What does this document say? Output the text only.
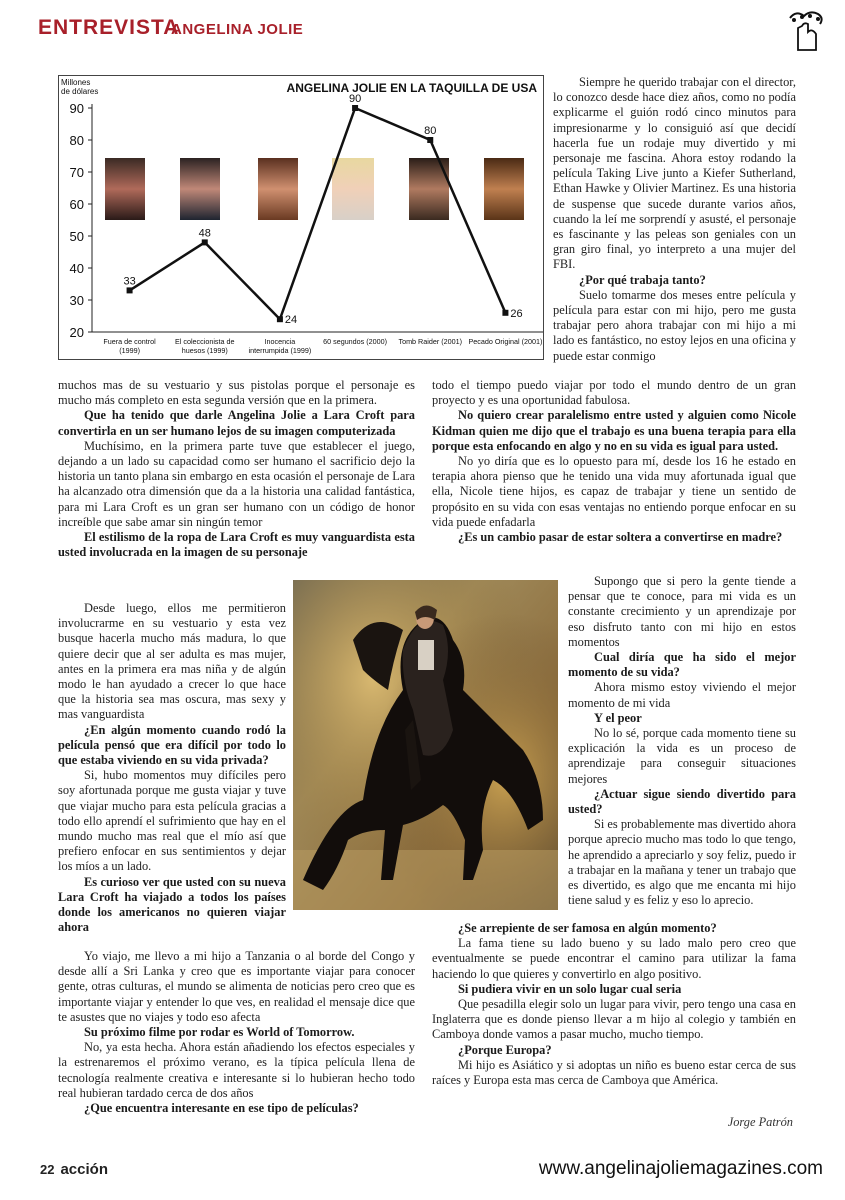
ENTREVISTA
ANGELINA JOLIE
Millones de dólares	ANGELINA JOLIE EN LA TAQUILLA DE USA
20
30
40
50
60
70
80
90
33
48
24
90
80
26
Fuera de control (1999)
El coleccionista de huesos (1999)
Inocencia interrumpida (1999)
60 segundos (2000) Tomb Raider (2001) Pecado Original (2001)

Siempre he querido trabajar con el director, lo conozco desde hace diez años, como no podía explicarme el guión rodó cinco minutos para impresionarme y lo consiguió así que decidí hacerla fue un rodaje muy divertido y mi personaje me fascina. Ahora estoy rodando la película Taking Live junto a Kiefer Sutherland, Ethan Hawke y Olivier Martinez. Es una historia de suspense que sucede durante varios años, cuando la leí me sorprendí y asusté, el personaje es fascinante y las peleas son geniales con un gran giro final, yo interpreto a una mujer del FBI.

¿Por qué trabaja tanto?

Suelo tomarme dos meses entre película y película para estar con mi hijo, pero me gusta trabajar pero ahora trabajar con mi hijo a mi lado es fantástico, no estoy lejos en una oficina y puede estar conmigo

muchos mas de su vestuario y sus pistolas porque el personaje es mucho más completo en esta segunda versión que en la primera.

Que ha tenido que darle Angelina Jolie a Lara Croft para convertirla en un ser humano lejos de su imagen computerizada

Muchísimo, en la primera parte tuve que establecer el juego, dejando a un lado su capacidad como ser humano el sacrificio dejo la historia un tanto plana sin embargo en esta ocasión el personaje de Lara ha alcanzado otra dimensión que da a la historia una calidad fantástica, para mi Lara Croft es un gran ser humano con un código de honor increíble que sabe amar sin ningún temor

El estilismo de la ropa de Lara Croft es muy vanguardista esta usted involucrada en la imagen de su personaje

Desde luego, ellos me permitieron involucrarme en su vestuario y esta vez busque hacerla mucho más madura, lo que quiere decir que al ser adulta es mas mujer, antes en la primera era mas niña y de algún modo le han ayudado a crecer lo que hace que la historia sea mas oscura, mas sexy y mas vanguardista

¿En algún momento cuando rodó la película pensó que era difícil por todo lo que estaba viviendo en su vida privada?

Si, hubo momentos muy difíciles pero soy afortunada porque me gusta viajar y tuve que viajar mucho para esta película gracias a todo ello aprendí el sufrimiento que hay en el mundo mucho mas real que el mío así que prefiero enfocar en sus sentimientos y dejar los míos a un lado.

Es curioso ver que usted con su nueva Lara Croft ha viajado a todos los países donde los americanos no quieren viajar ahora

Yo viajo, me llevo a mi hijo a Tanzania o al borde del Congo y desde allí a Sri Lanka y creo que es importante viajar para conocer gente, otras culturas, el mundo se alimenta de noticias pero creo que es importante viajar y entender lo que ves, en realidad el mensaje dice que te asustes que no viajes y todo eso afecta

Su próximo filme por rodar es World of Tomorrow.

No, ya esta hecha. Ahora están añadiendo los efectos especiales y la estrenaremos el próximo verano, es la típica película llena de tecnología realmente creativa e interesante si lo hubieran hecho todo real hubieran tardado cerca de dos años

¿Que encuentra interesante en ese tipo de películas?

todo el tiempo puedo viajar por todo el mundo dentro de un gran proyecto y es una oportunidad fabulosa.

No quiero crear paralelismo entre usted y alguien como Nicole Kidman quien me dijo que el trabajo es una buena terapia para ella porque esta enfocando en algo y no en su vida es igual para usted.

No yo diría que es lo opuesto para mí, desde los 16 he estado en terapia ahora pienso que he tenido una vida muy afortunada igual que ella, Nicole tiene hijos, es capaz de trabajar y tiene un sentido de propósito en su vida con esas ventajas no entiendo porque enfocar en su vida puede enfadarla

¿Es un cambio pasar de estar soltera a convertirse en madre?

Supongo que si pero la gente tiende a pensar que te conoce, para mi vida es un constante crecimiento y un aprendizaje por eso disfruto tanto con mi hijo en estos momentos

Cual diría que ha sido el mejor momento de su vida?

Ahora mismo estoy viviendo el mejor momento de mi vida

Y el peor

No lo sé, porque cada momento tiene su explicación la vida es un proceso de aprendizaje para conseguir situaciones mejores

¿Actuar sigue siendo divertido para usted?

Si es probablemente mas divertido ahora porque aprecio mucho mas todo lo que tengo, he aprendido a apreciarlo y soy feliz, puedo ir a trabajar en la mañana y tener un trabajo que es divertido, es algo que me encanta mi hijo tiene salud y es feliz y eso lo aprecio.

¿Se arrepiente de ser famosa en algún momento?

La fama tiene su lado bueno y su lado malo pero creo que eventualmente se puede encontrar el camino para utilizar la fama haciendo lo que quieres y convertirlo en algo positivo.

Si pudiera vivir en un solo lugar cual seria

Que pesadilla elegir solo un lugar para vivir, pero tengo una casa en Inglaterra que es donde pienso llevar a m hijo al colegio y también en Camboya donde vamos a pasar mucho, mucho tiempo.

¿Porque Europa?

Mi hijo es Asiático y si adoptas un niño es bueno estar cerca de sus raíces y Europa esta mas cerca de Camboya que América.

Jorge Patrón
22 acción	www.angelinajoliemagazines.com
